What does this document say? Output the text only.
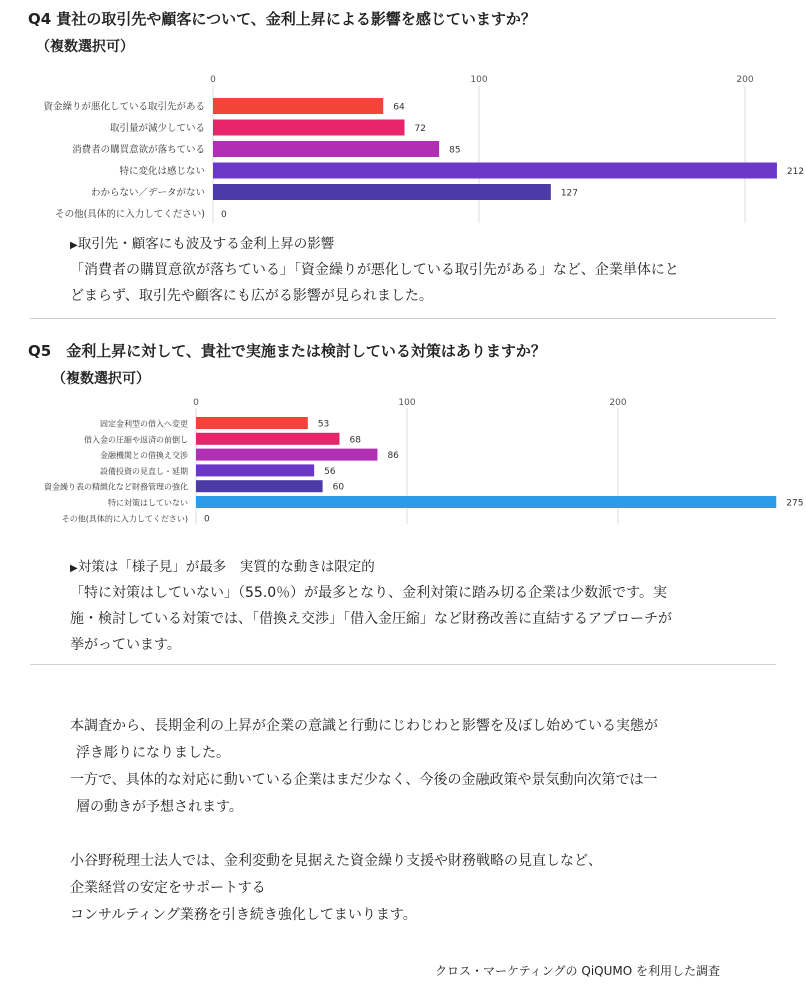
Q4 貴社の取引先や顧客について、金利上昇による影響を感じていますか？

（複数選択可）

0	100	200
資金繰りが悪化している取引先がある	64
取引量が減少している	72
消費者の購買意欲が落ちている	85
特に変化は感じない	212
わからない／データがない	127
その他(具体的に入力してください) 0

▶取引先・顧客にも波及する金利上昇の影響

「消費者の購買意欲が落ちている」「資金繰りが悪化している取引先がある」など、企業単体にと
どまらず、取引先や顧客にも広がる影響が見られました。

Q5　金利上昇に対して、貴社で実施または検討している対策はありますか？

（複数選択可）

0	100	200
固定金利型の借入へ変更	53
借入金の圧縮や返済の前倒し	68
金融機関との借換え交渉	86
設備投資の見直し・延期	56
資金繰り表の精緻化など財務管理の強化	60
特に対策はしていない	275
その他(具体的に入力してください) 0

▶対策は「様子見」が最多　実質的な動きは限定的

「特に対策はしていない」（55.0％）が最多となり、金利対策に踏み切る企業は少数派です。実
施・検討している対策では、「借換え交渉」「借入金圧縮」など財務改善に直結するアプローチが
挙がっています。

本調査から、長期金利の上昇が企業の意識と行動にじわじわと影響を及ぼし始めている実態が
浮き彫りになりました。
一方で、具体的な対応に動いている企業はまだ少なく、今後の金融政策や景気動向次第では一
層の動きが予想されます。

小谷野税理士法人では、金利変動を見据えた資金繰り支援や財務戦略の見直しなど、
企業経営の安定をサポートする
コンサルティング業務を引き続き強化してまいります。

クロス・マーケティングの QiQUMO を利用した調査
